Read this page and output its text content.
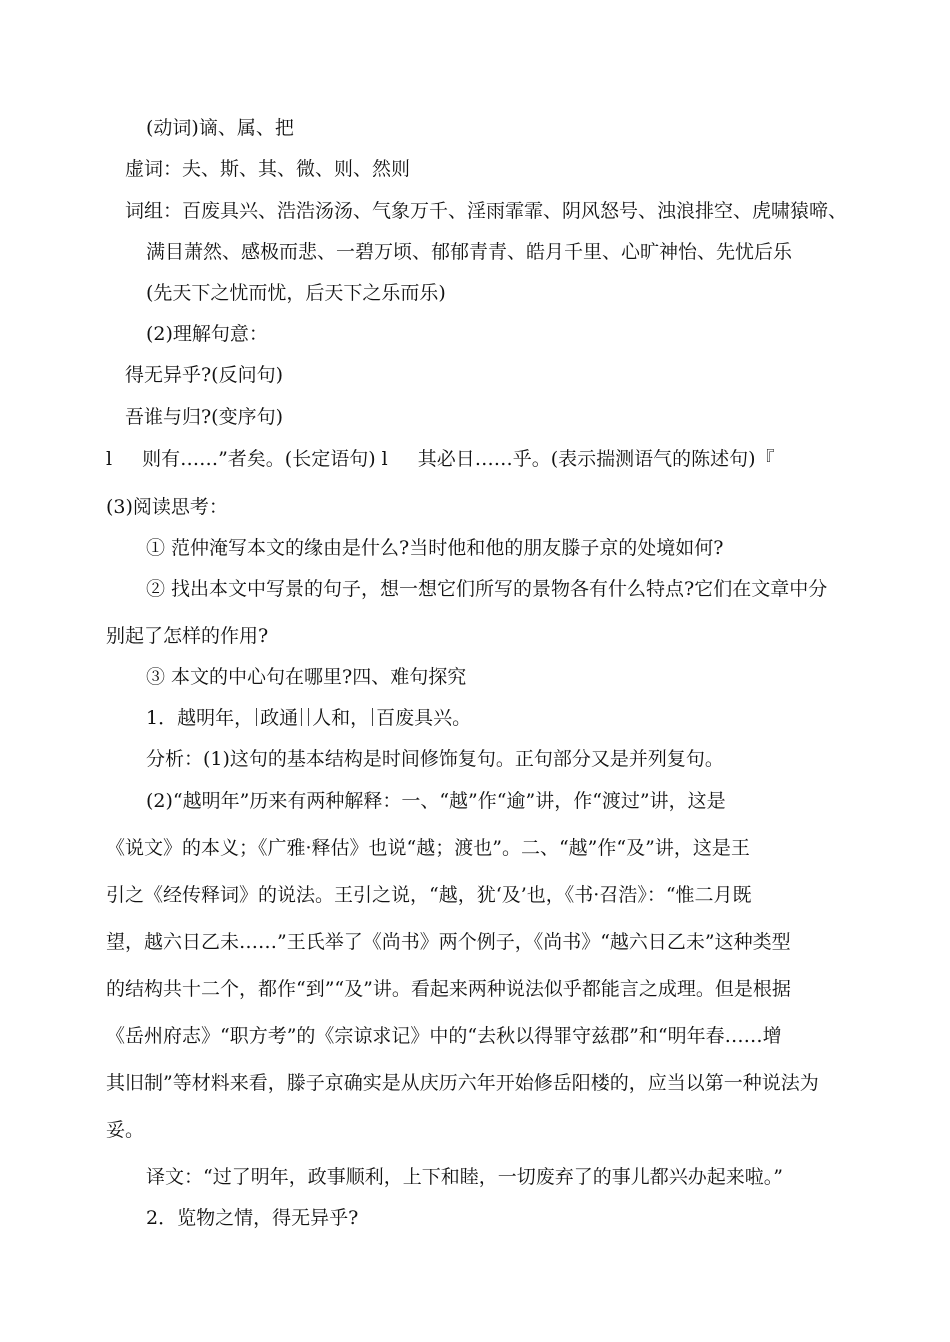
(动词)谪、属、把
虚词：夫、斯、其、微、则、然则
词组：百废具兴、浩浩汤汤、气象万千、淫雨霏霏、阴风怒号、浊浪排空、虎啸猿啼、
满目萧然、感极而悲、一碧万顷、郁郁青青、皓月千里、心旷神怡、先忧后乐
(先天下之忧而忧，后天下之乐而乐)
(2)理解句意：
得无异乎?(反问句)
吾谁与归?(变序句)
l 则有……”者矣。(长定语句) l 其必日……乎。(表示揣测语气的陈述句)『
(3)阅读思考：
① 范仲淹写本文的缘由是什么?当时他和他的朋友滕子京的处境如何?
② 找出本文中写景的句子，想一想它们所写的景物各有什么特点?它们在文章中分
别起了怎样的作用?
③ 本文的中心句在哪里?四、难句探究
1．越明年， 政通 人和， 百废具兴。
分析：(1)这句的基本结构是时间修饰复句。正句部分又是并列复句。
(2)“越明年”历来有两种解释：一、“越”作“逾”讲，作“渡过”讲，这是
《说文》的本义；《广雅·释估》也说“越；渡也”。二、“越”作“及”讲，这是王
引之《经传释词》的说法。王引之说，“越，犹‘及’也，《书·召浩》：“惟二月既
望，越六日乙未……”王氏举了《尚书》两个例子，《尚书》“越六日乙未”这种类型
的结构共十二个，都作“到”“及”讲。看起来两种说法似乎都能言之成理。但是根据
《岳州府志》“职方考”的《宗谅求记》中的“去秋以得罪守兹郡”和“明年春……增
其旧制”等材料来看，滕子京确实是从庆历六年开始修岳阳楼的，应当以第一种说法为
妥。
译文：“过了明年，政事顺利，上下和睦，一切废弃了的事儿都兴办起来啦。”
2．览物之情，得无异乎?
